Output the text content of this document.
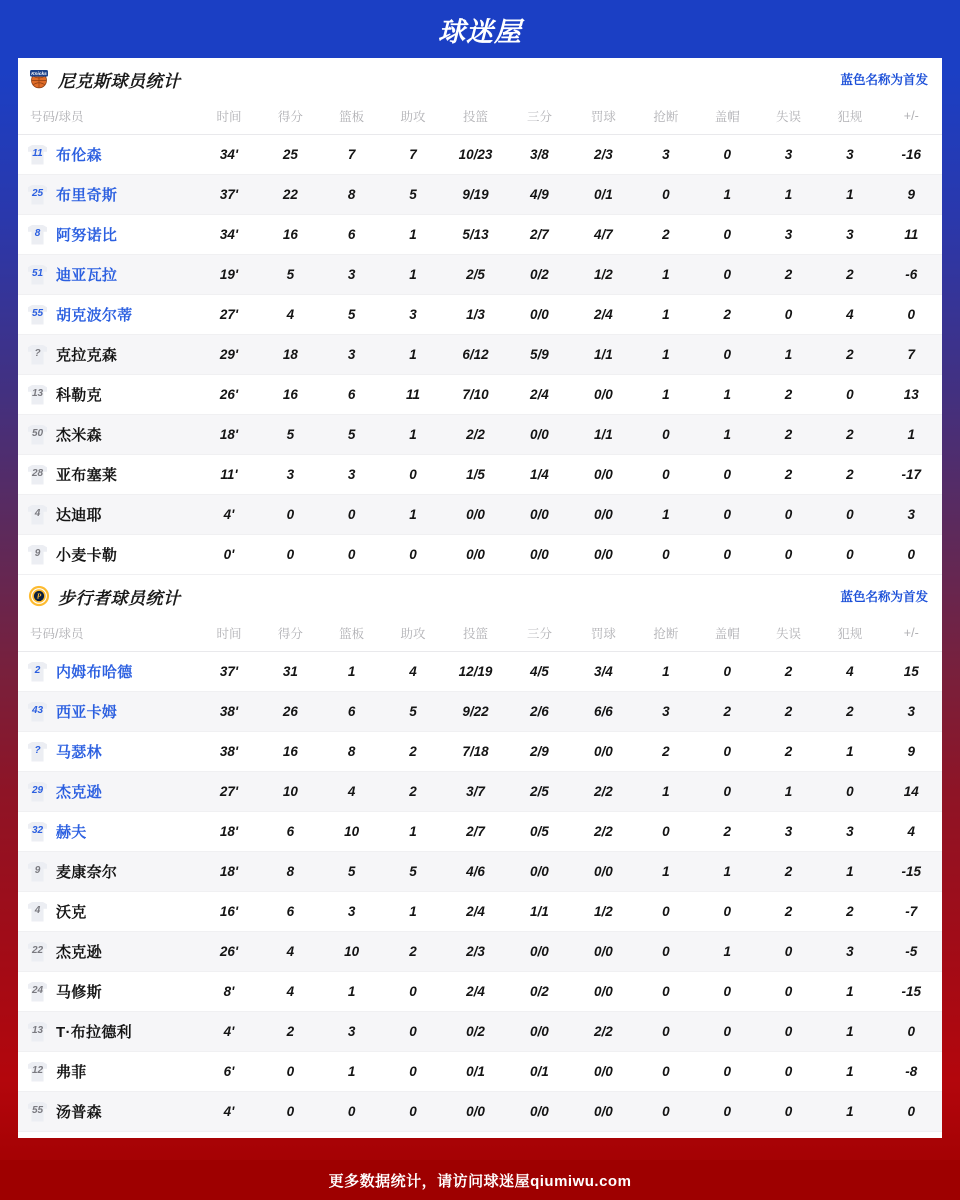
球迷屋
Knicks 尼克斯球员统计	蓝色名称为首发
号码/球员	时间	得分	篮板	助攻	投篮	三分	罚球	抢断	盖帽	失误	犯规	+/-

11 布伦森	34'	25	7	7	10/23	3/8	2/3	3	0	3	3	-16

25 布里奇斯	37'	22	8	5	9/19	4/9	0/1	0	1	1	1	9

8 阿努诺比	34'	16	6	1	5/13	2/7	4/7	2	0	3	3	11

51 迪亚瓦拉	19'	5	3	1	2/5	0/2	1/2	1	0	2	2	-6

55 胡克波尔蒂	27'	4	5	3	1/3	0/0	2/4	1	2	0	4	0

? 克拉克森	29'	18	3	1	6/12	5/9	1/1	1	0	1	2	7

13 科勒克	26'	16	6	11	7/10	2/4	0/0	1	1	2	0	13

50 杰米森	18'	5	5	1	2/2	0/0	1/1	0	1	2	2	1

28 亚布塞莱	11'	3	3	0	1/5	1/4	0/0	0	0	2	2	-17

4 达迪耶	4'	0	0	1	0/0	0/0	0/0	1	0	0	0	3

9 小麦卡勒	0'	0	0	0	0/0	0/0	0/0	0	0	0	0	0
P 步行者球员统计	蓝色名称为首发
号码/球员	时间	得分	篮板	助攻	投篮	三分	罚球	抢断	盖帽	失误	犯规	+/-

2 内姆布哈德	37'	31	1	4	12/19	4/5	3/4	1	0	2	4	15

43 西亚卡姆	38'	26	6	5	9/22	2/6	6/6	3	2	2	2	3

? 马瑟林	38'	16	8	2	7/18	2/9	0/0	2	0	2	1	9

29 杰克逊	27'	10	4	2	3/7	2/5	2/2	1	0	1	0	14

32 赫夫	18'	6	10	1	2/7	0/5	2/2	0	2	3	3	4

9 麦康奈尔	18'	8	5	5	4/6	0/0	0/0	1	1	2	1	-15

4 沃克	16'	6	3	1	2/4	1/1	1/2	0	0	2	2	-7

22 杰克逊	26'	4	10	2	2/3	0/0	0/0	0	1	0	3	-5

24 马修斯	8'	4	1	0	2/4	0/2	0/0	0	0	0	1	-15

13 T·布拉德利	4'	2	3	0	0/2	0/0	2/2	0	0	0	1	0

12 弗菲	6'	0	1	0	0/1	0/1	0/0	0	0	0	1	-8

55 汤普森	4'	0	0	0	0/0	0/0	0/0	0	0	0	1	0
更多数据统计，请访问球迷屋qiumiwu.com
